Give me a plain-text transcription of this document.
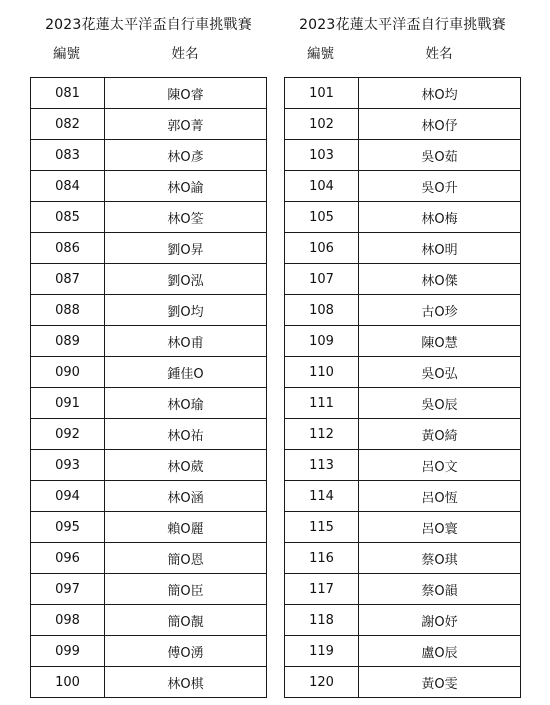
2023花蓮太平洋盃自行車挑戰賽
編號	姓名
081	陳O睿
082	郭O菁
083	林O彥
084	林O諭
085	林O筌
086	劉O昇
087	劉O泓
088	劉O均
089	林O甫
090	鍾佳O
091	林O瑜
092	林O祐
093	林O葳
094	林O涵
095	賴O麗
096	簡O恩
097	簡O臣
098	簡O靚
099	傅O湧
100	林O棋
2023花蓮太平洋盃自行車挑戰賽
編號	姓名
101	林O均
102	林O伃
103	吳O茹
104	吳O升
105	林O梅
106	林O明
107	林O傑
108	古O珍
109	陳O慧
110	吳O弘
111	吳O辰
112	黃O綺
113	呂O文
114	呂O恆
115	呂O寰
116	蔡O琪
117	蔡O韻
118	謝O妤
119	盧O辰
120	黃O雯
